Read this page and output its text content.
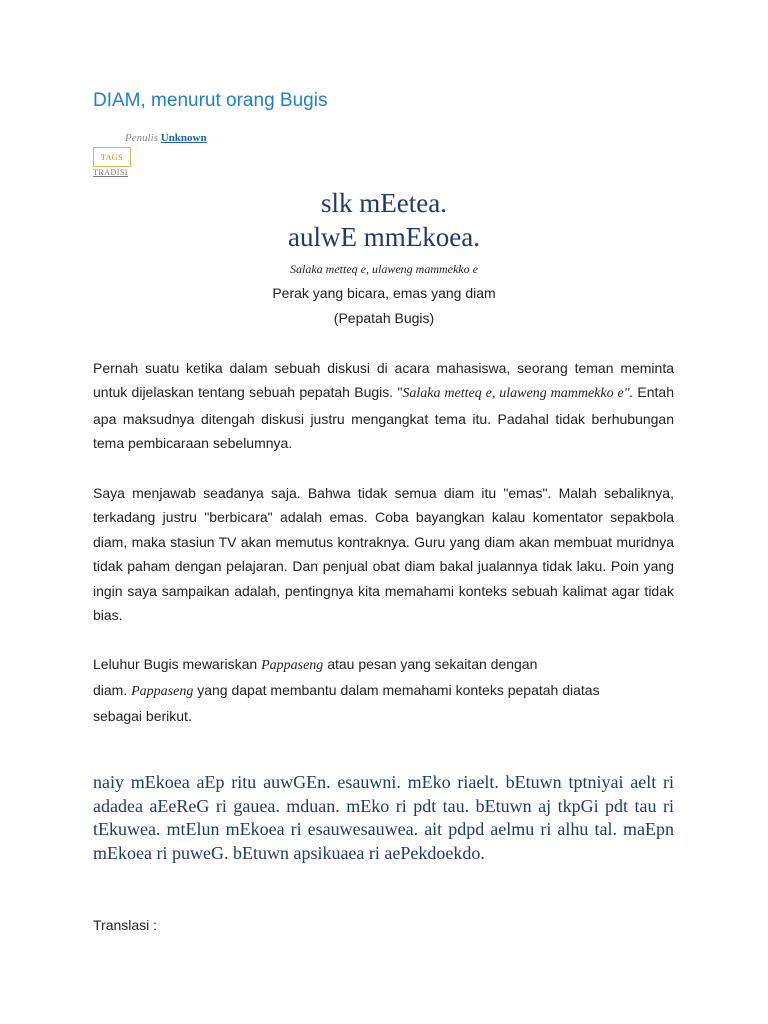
DIAM, menurut orang Bugis
Penulis Unknown
TAGS
TRADISI
slk mEetea.
aulwE mmEkoea.
Salaka metteq e, ulaweng mammekko e
Perak yang bicara, emas yang diam
(Pepatah Bugis)

Pernah suatu ketika dalam sebuah diskusi di acara mahasiswa, seorang teman meminta untuk dijelaskan tentang sebuah pepatah Bugis. "Salaka metteq e, ulaweng mammekko e". Entah apa maksudnya ditengah diskusi justru mengangkat tema itu. Padahal tidak berhubungan tema pembicaraan sebelumnya.

Saya menjawab seadanya saja. Bahwa tidak semua diam itu "emas". Malah sebaliknya, terkadang justru "berbicara" adalah emas. Coba bayangkan kalau komentator sepakbola diam, maka stasiun TV akan memutus kontraknya. Guru yang diam akan membuat muridnya tidak paham dengan pelajaran. Dan penjual obat diam bakal jualannya tidak laku. Poin yang ingin saya sampaikan adalah, pentingnya kita memahami konteks sebuah kalimat agar tidak bias.

Leluhur Bugis mewariskan Pappaseng atau pesan yang sekaitan dengan
diam. Pappaseng yang dapat membantu dalam memahami konteks pepatah diatas
sebagai berikut.

naiy mEkoea aEp ritu auwGEn. esauwni. mEko riaelt. bEtuwn tptniyai aelt ri adadea aEeReG ri gauea. mduan. mEko ri pdt tau. bEtuwn aj tkpGi pdt tau ri tEkuwea. mtElun mEkoea ri esauwesauwea. ait pdpd aelmu ri alhu tal. maEpn mEkoea ri puweG. bEtuwn apsikuaea ri aePekdoekdo.

Translasi :
